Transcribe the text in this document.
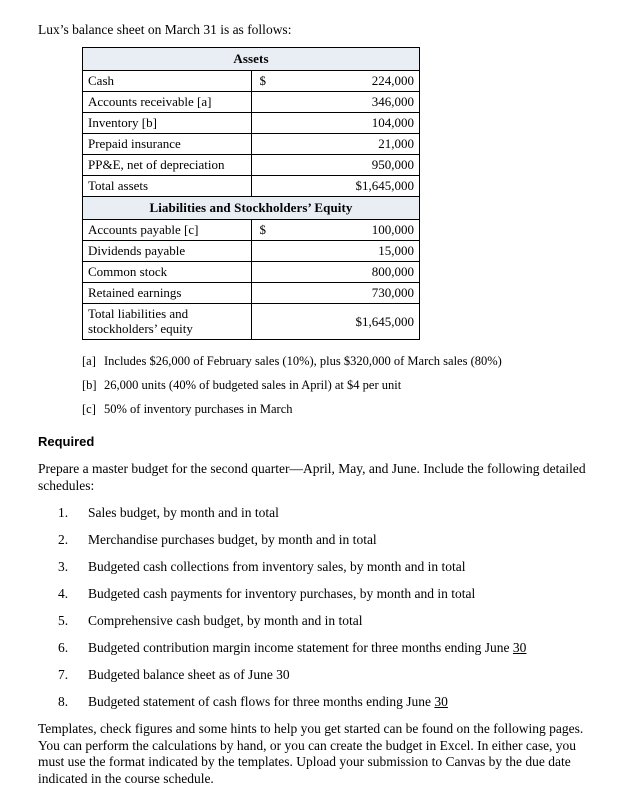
Lux’s balance sheet on March 31 is as follows:

Assets	
Cash	$ 224,000
Accounts receivable [a]	346,000
Inventory [b]	104,000
Prepaid insurance	21,000
PP&E, net of depreciation	950,000
Total assets	$1,645,000
Liabilities and Stockholders’ Equity	
Accounts payable [c]	$ 100,000
Dividends payable	15,000
Common stock	800,000
Retained earnings	730,000
Total liabilities and stockholders’ equity	$1,645,000
[a] Includes $26,000 of February sales (10%), plus $320,000 of March sales (80%)
[b] 26,000 units (40% of budgeted sales in April) at $4 per unit
[c] 50% of inventory purchases in March
Required

Prepare a master budget for the second quarter—April, May, and June. Include the following detailed schedules:

Sales budget, by month and in total
Merchandise purchases budget, by month and in total
Budgeted cash collections from inventory sales, by month and in total
Budgeted cash payments for inventory purchases, by month and in total
Comprehensive cash budget, by month and in total
Budgeted contribution margin income statement for three months ending June 30
Budgeted balance sheet as of June 30
Budgeted statement of cash flows for three months ending June 30

Templates, check figures and some hints to help you get started can be found on the following pages. You can perform the calculations by hand, or you can create the budget in Excel. In either case, you must use the format indicated by the templates. Upload your submission to Canvas by the due date indicated in the course schedule.
